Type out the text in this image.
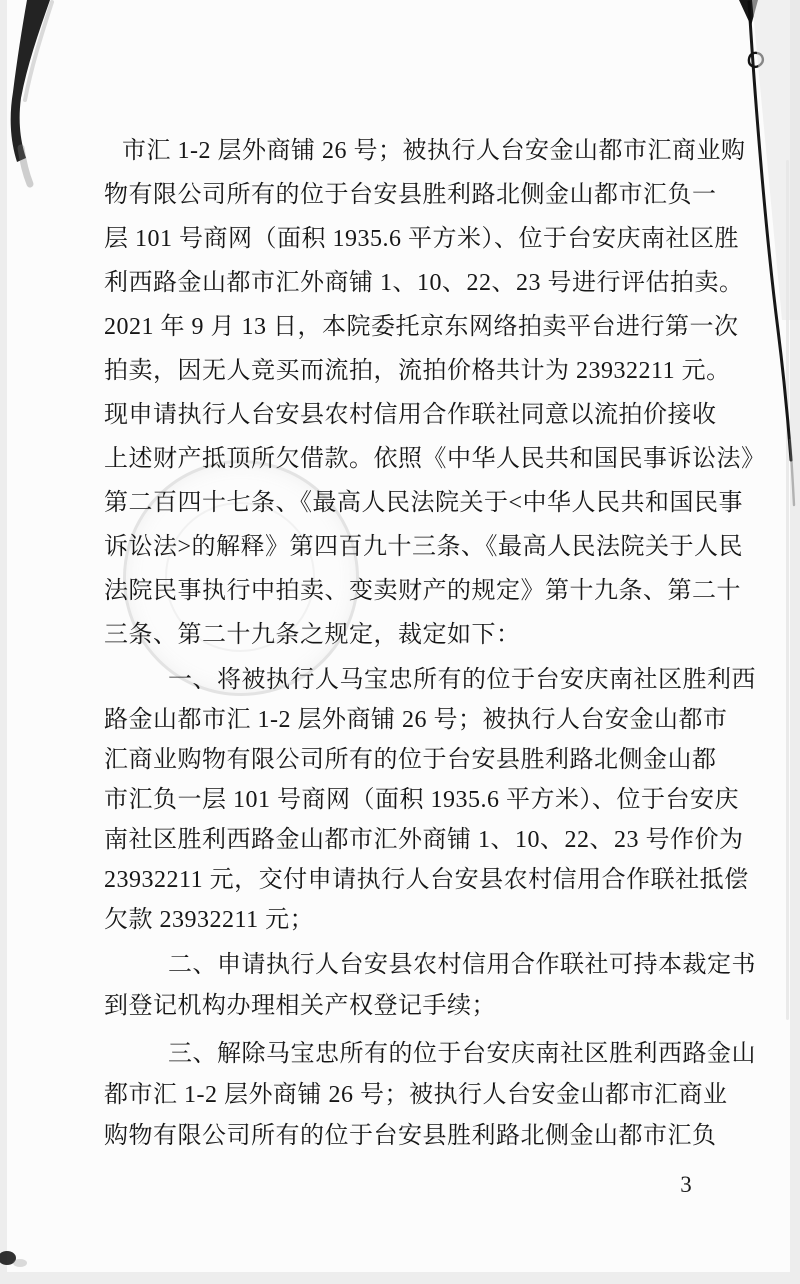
市汇 1-2 层外商铺 26 号；被执行人台安金山都市汇商业购
物有限公司所有的位于台安县胜利路北侧金山都市汇负一
层 101 号商网（面积 1935.6 平方米）、位于台安庆南社区胜
利西路金山都市汇外商铺 1、10、22、23 号进行评估拍卖。
2021 年 9 月 13 日，本院委托京东网络拍卖平台进行第一次
拍卖，因无人竞买而流拍，流拍价格共计为 23932211 元。
现申请执行人台安县农村信用合作联社同意以流拍价接收
上述财产抵顶所欠借款。依照《中华人民共和国民事诉讼法》
第二百四十七条、《最高人民法院关于<中华人民共和国民事
诉讼法>的解释》第四百九十三条、《最高人民法院关于人民
法院民事执行中拍卖、变卖财产的规定》第十九条、第二十
三条、第二十九条之规定，裁定如下：
一、将被执行人马宝忠所有的位于台安庆南社区胜利西
路金山都市汇 1-2 层外商铺 26 号；被执行人台安金山都市
汇商业购物有限公司所有的位于台安县胜利路北侧金山都
市汇负一层 101 号商网（面积 1935.6 平方米）、位于台安庆
南社区胜利西路金山都市汇外商铺 1、10、22、23 号作价为
23932211 元，交付申请执行人台安县农村信用合作联社抵偿
欠款 23932211 元；
二、申请执行人台安县农村信用合作联社可持本裁定书
到登记机构办理相关产权登记手续；
三、解除马宝忠所有的位于台安庆南社区胜利西路金山
都市汇 1-2 层外商铺 26 号；被执行人台安金山都市汇商业
购物有限公司所有的位于台安县胜利路北侧金山都市汇负
3
